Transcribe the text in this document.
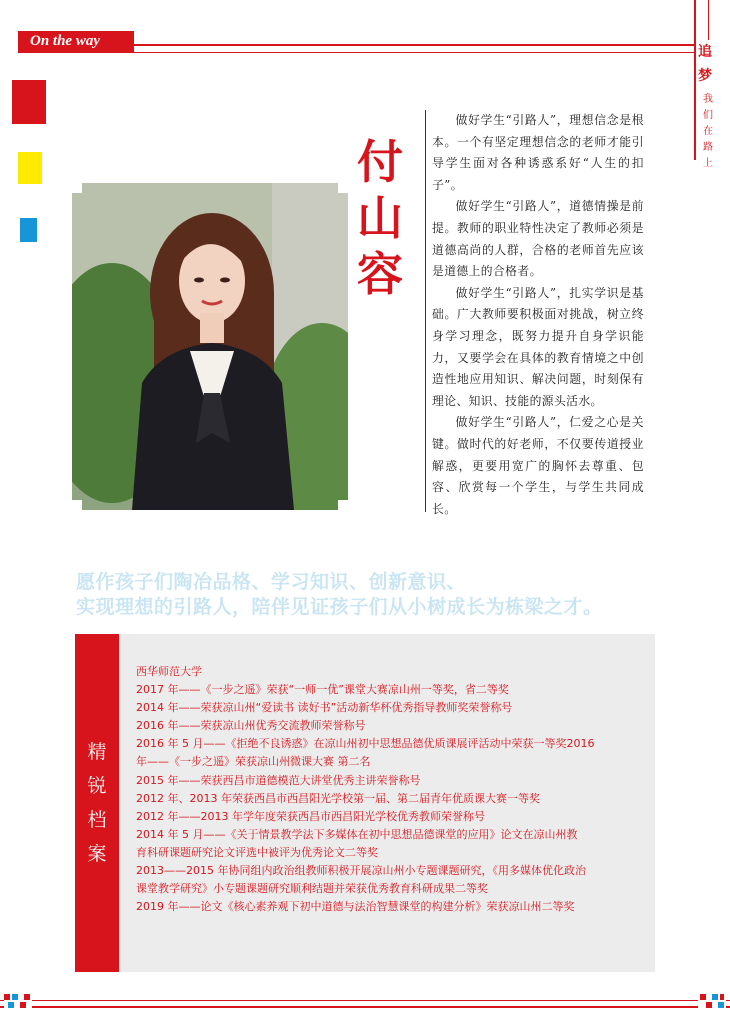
On the way
追
梦
我
们
在
路
上
付
山
容

做好学生“引路人”，理想信念是根本。一个有坚定理想信念的老师才能引导学生面对各种诱惑系好“人生的扣子”。

做好学生“引路人”，道德情操是前提。教师的职业特性决定了教师必须是道德高尚的人群，合格的老师首先应该是道德上的合格者。

做好学生“引路人”，扎实学识是基础。广大教师要积极面对挑战，树立终身学习理念，既努力提升自身学识能力，又要学会在具体的教育情境之中创造性地应用知识、解决问题，时刻保有理论、知识、技能的源头活水。

做好学生“引路人”，仁爱之心是关键。做时代的好老师，不仅要传道授业解惑，更要用宽广的胸怀去尊重、包容、欣赏每一个学生，与学生共同成长。

愿作孩子们陶冶品格、学习知识、创新意识、
实现理想的引路人，陪伴见证孩子们从小树成长为栋梁之才。
精
锐
档
案
西华师范大学
2017 年——《一步之遥》荣获“一师一优”课堂大赛凉山州一等奖，省二等奖
2014 年——荣获凉山州“爱读书 读好书”活动新华杯优秀指导教师奖荣誉称号
2016 年——荣获凉山州优秀交流教师荣誉称号
2016 年 5 月——《拒绝不良诱惑》在凉山州初中思想品德优质课展评活动中荣获一等奖2016
年——《一步之遥》荣获凉山州微课大赛 第二名
2015 年——荣获西昌市道德模范大讲堂优秀主讲荣誉称号
2012 年、2013 年荣获西昌市西昌阳光学校第一届、第二届青年优质课大赛一等奖
2012 年——2013 年学年度荣获西昌市西昌阳光学校优秀教师荣誉称号
2014 年 5 月——《关于情景教学法下多媒体在初中思想品德课堂的应用》论文在凉山州教
育科研课题研究论文评选中被评为优秀论文二等奖
2013——2015 年协同组内政治组教师积极开展凉山州小专题课题研究，《用多媒体优化政治
课堂教学研究》小专题课题研究顺利结题并荣获优秀教育科研成果二等奖
2019 年——论文《核心素养观下初中道德与法治智慧课堂的构建分析》荣获凉山州二等奖
